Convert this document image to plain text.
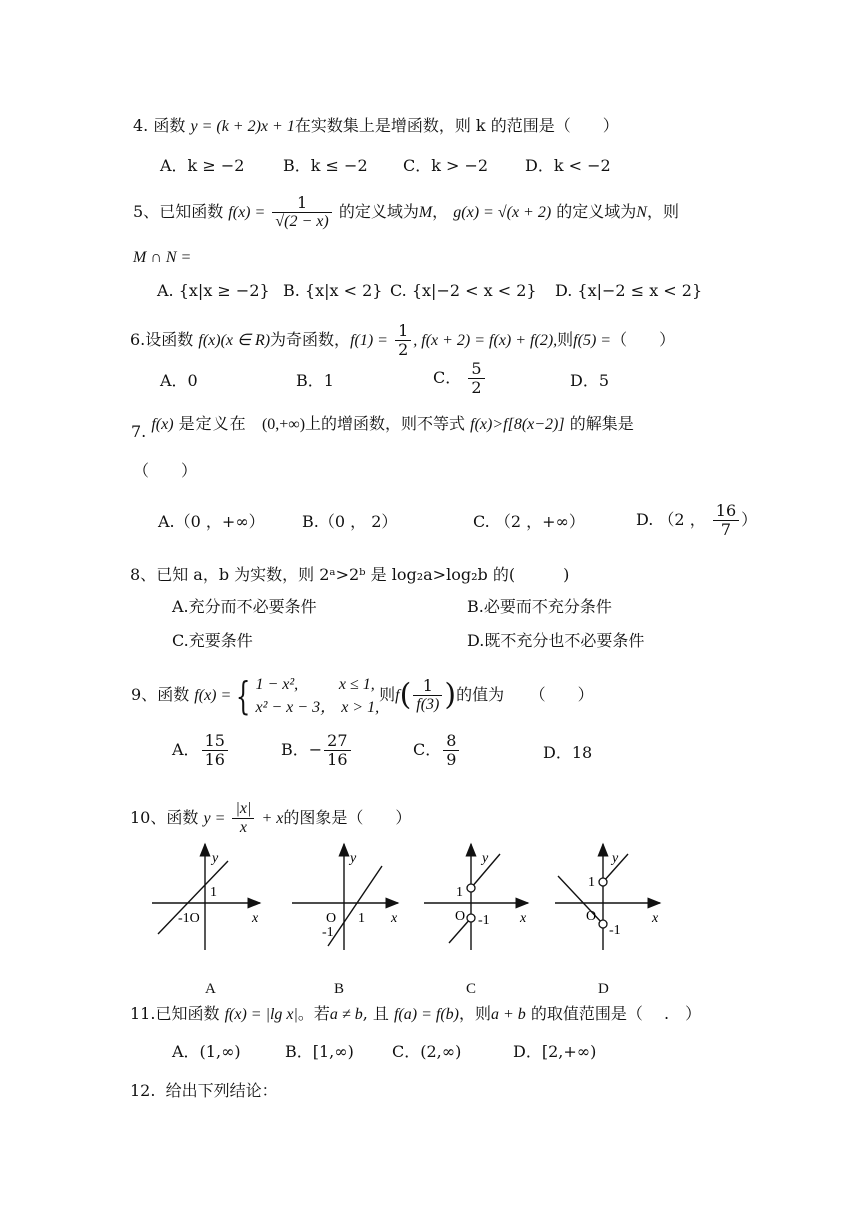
4. 函数 y = (k + 2)x + 1在实数集上是增函数，则 k 的范围是（　　）
A．k ≥ −2 B．k ≤ −2 C．k > −2 D．k < −2
5、已知函数 $f(x) = \frac{1}{√(2 - x)}$ 的定义域为M， g(x) = √(x + 2) 的定义域为N，则
M ∩ N =
A. {x|x ≥ −2} B. {x|x < 2} C. {x|−2 < x < 2} D. {x|−2 ≤ x < 2}
6.设函数 f(x)(x ∈ R)为奇函数，$f(1) = \frac{1}{2}$ , f(x + 2) = f(x) + f(2),则f(5) =（　　）
A．0	B．1	C． $\frac{5}{2}$	D．5
7. f(x) 是定义在 (0,+∞)上的增函数，则不等式 f(x)>f[8(x−2)] 的解集是
（　　）
A.（0 ，+∞） B.（0 ， 2）	C. （2 ，+∞）	D. （2 ， $\frac{16}{7}$ ）
8、已知 a，b 为实数，则 2ᵃ>2ᵇ 是 log₂a>log₂b 的(　　　)
A.充分而不必要条件	B.必要而不充分条件
C.充要条件	D.既不充分也不必要条件
9、函数 f(x) = { 1 − x²,	x ≤ 1,
x² − x − 3， x > 1,
则$f( \frac{1}{f(3)}$ )的值为 （　　）
A． $\frac{15}{16}$	B．− $\frac{27}{16}$	C． $\frac{8}{9}$	D．18
10、函数 $y = \frac{|x|}{x} + x$的图象是（　　）
y
x
1
-1O
y
x
O 1
-1
y
x
1
O -1
y
x
1
O
-1
A	B	C	D
11.已知函数 f(x) = |lg x|。若a ≠ b, 且 f(a) = f(b)，则a + b 的取值范围是（　 .　）
A．(1,∞)	B．[1,∞) C．(2,∞)	D．[2,+∞)
12. 给出下列结论：
